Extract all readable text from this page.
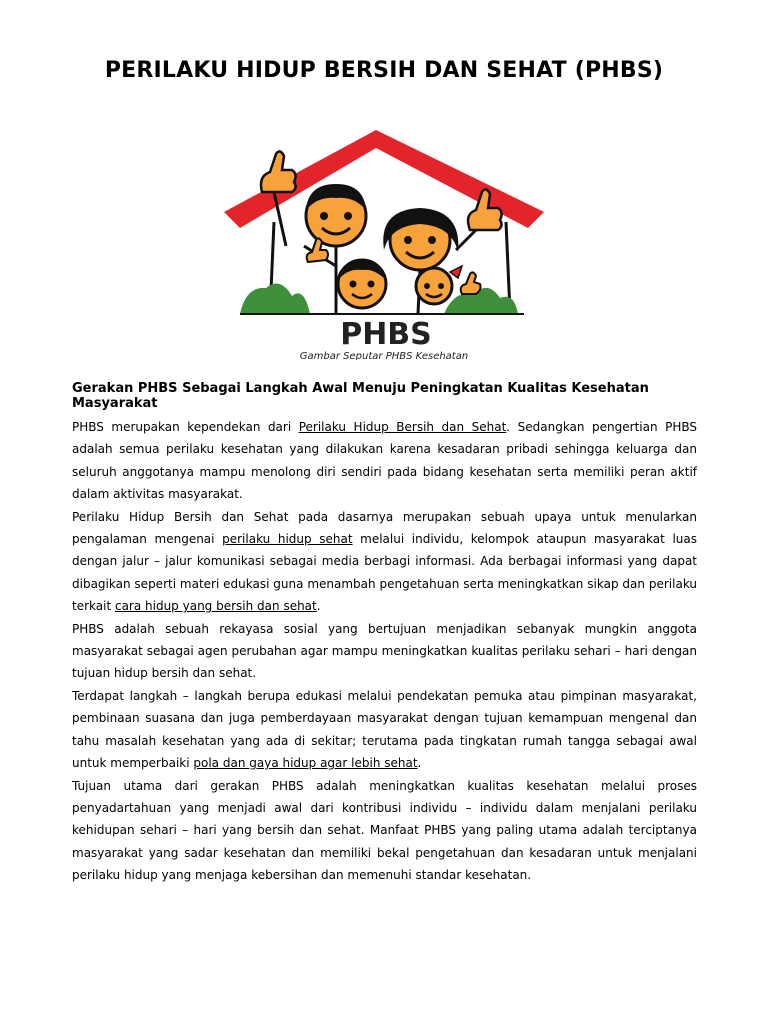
PERILAKU HIDUP BERSIH DAN SEHAT (PHBS)
PHBS
Gambar Seputar PHBS Kesehatan
Gerakan PHBS Sebagai Langkah Awal Menuju Peningkatan Kualitas Kesehatan Masyarakat

PHBS merupakan kependekan dari Perilaku Hidup Bersih dan Sehat. Sedangkan pengertian PHBS adalah semua perilaku kesehatan yang dilakukan karena kesadaran pribadi sehingga keluarga dan seluruh anggotanya mampu menolong diri sendiri pada bidang kesehatan serta memiliki peran aktif dalam aktivitas masyarakat.

Perilaku Hidup Bersih dan Sehat pada dasarnya merupakan sebuah upaya untuk menularkan pengalaman mengenai perilaku hidup sehat melalui individu, kelompok ataupun masyarakat luas dengan jalur – jalur komunikasi sebagai media berbagi informasi. Ada berbagai informasi yang dapat dibagikan seperti materi edukasi guna menambah pengetahuan serta meningkatkan sikap dan perilaku terkait cara hidup yang bersih dan sehat.

PHBS adalah sebuah rekayasa sosial yang bertujuan menjadikan sebanyak mungkin anggota masyarakat sebagai agen perubahan agar mampu meningkatkan kualitas perilaku sehari – hari dengan tujuan hidup bersih dan sehat.

Terdapat langkah – langkah berupa edukasi melalui pendekatan pemuka atau pimpinan masyarakat, pembinaan suasana dan juga pemberdayaan masyarakat dengan tujuan kemampuan mengenal dan tahu masalah kesehatan yang ada di sekitar; terutama pada tingkatan rumah tangga sebagai awal untuk memperbaiki pola dan gaya hidup agar lebih sehat.

Tujuan utama dari gerakan PHBS adalah meningkatkan kualitas kesehatan melalui proses penyadartahuan yang menjadi awal dari kontribusi individu – individu dalam menjalani perilaku kehidupan sehari – hari yang bersih dan sehat. Manfaat PHBS yang paling utama adalah terciptanya masyarakat yang sadar kesehatan dan memiliki bekal pengetahuan dan kesadaran untuk menjalani perilaku hidup yang menjaga kebersihan dan memenuhi standar kesehatan.
